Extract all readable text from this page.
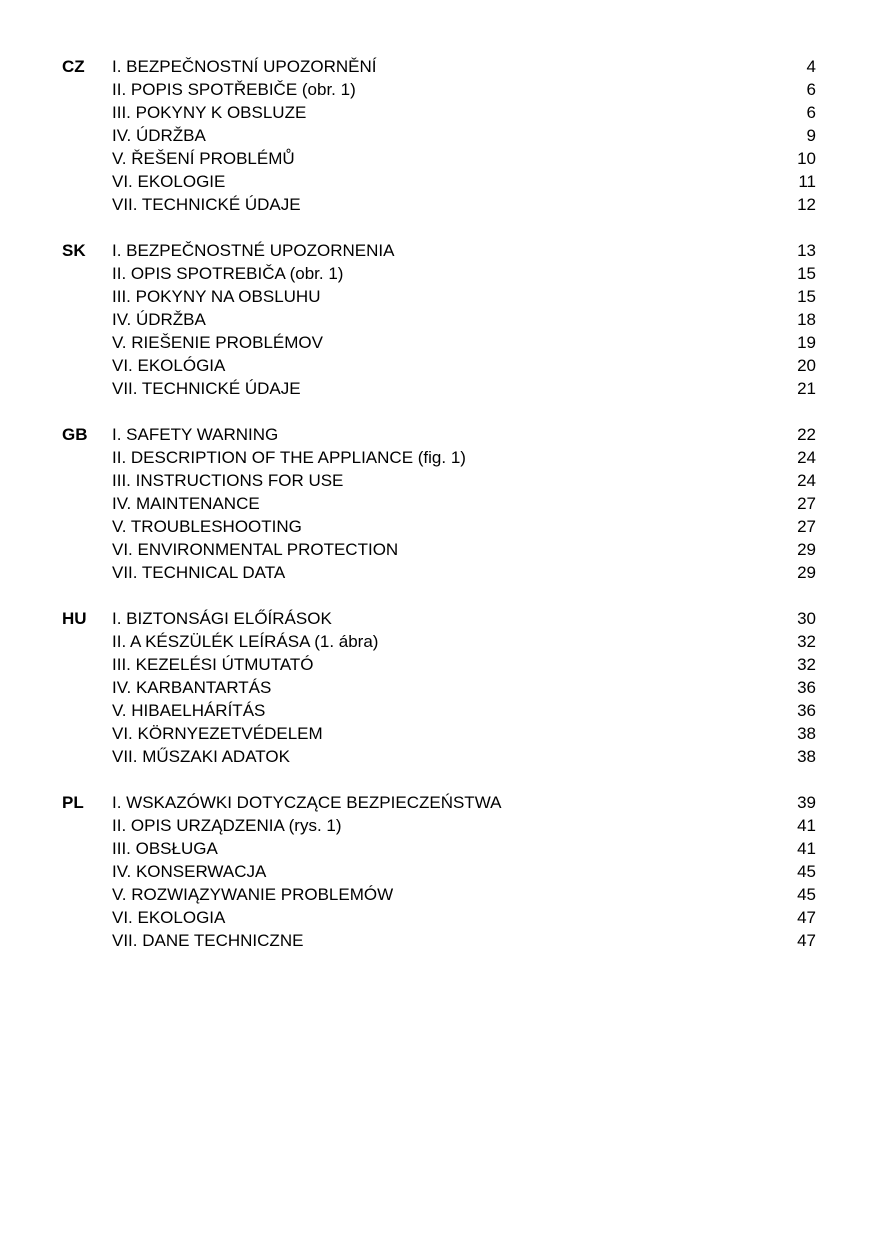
CZ I. BEZPEČNOSTNÍ UPOZORNĚNÍ	4
II. POPIS SPOTŘEBIČE (obr. 1)	6
III. POKYNY K OBSLUZE	6
IV. ÚDRŽBA	9
V. ŘEŠENÍ PROBLÉMŮ	10
VI. EKOLOGIE	11
VII. TECHNICKÉ ÚDAJE	12
SK I. BEZPEČNOSTNÉ UPOZORNENIA	13
II. OPIS SPOTREBIČA (obr. 1)	15
III. POKYNY NA OBSLUHU	15
IV. ÚDRŽBA	18
V. RIEŠENIE PROBLÉMOV	19
VI. EKOLÓGIA	20
VII. TECHNICKÉ ÚDAJE	21
GB I. SAFETY WARNING	22
II. DESCRIPTION OF THE APPLIANCE (fig. 1)	24
III. INSTRUCTIONS FOR USE	24
IV. MAINTENANCE	27
V. TROUBLESHOOTING	27
VI. ENVIRONMENTAL PROTECTION	29
VII. TECHNICAL DATA	29
HU I. BIZTONSÁGI ELŐÍRÁSOK	30
II. A KÉSZÜLÉK LEÍRÁSA (1. ábra)	32
III. KEZELÉSI ÚTMUTATÓ	32
IV. KARBANTARTÁS	36
V. HIBAELHÁRÍTÁS	36
VI. KÖRNYEZETVÉDELEM	38
VII. MŰSZAKI ADATOK	38
PL I. WSKAZÓWKI DOTYCZĄCE BEZPIECZEŃSTWA	39
II. OPIS URZĄDZENIA (rys. 1)	41
III. OBSŁUGA	41
IV. KONSERWACJA	45
V. ROZWIĄZYWANIE PROBLEMÓW	45
VI. EKOLOGIA	47
VII. DANE TECHNICZNE	47
